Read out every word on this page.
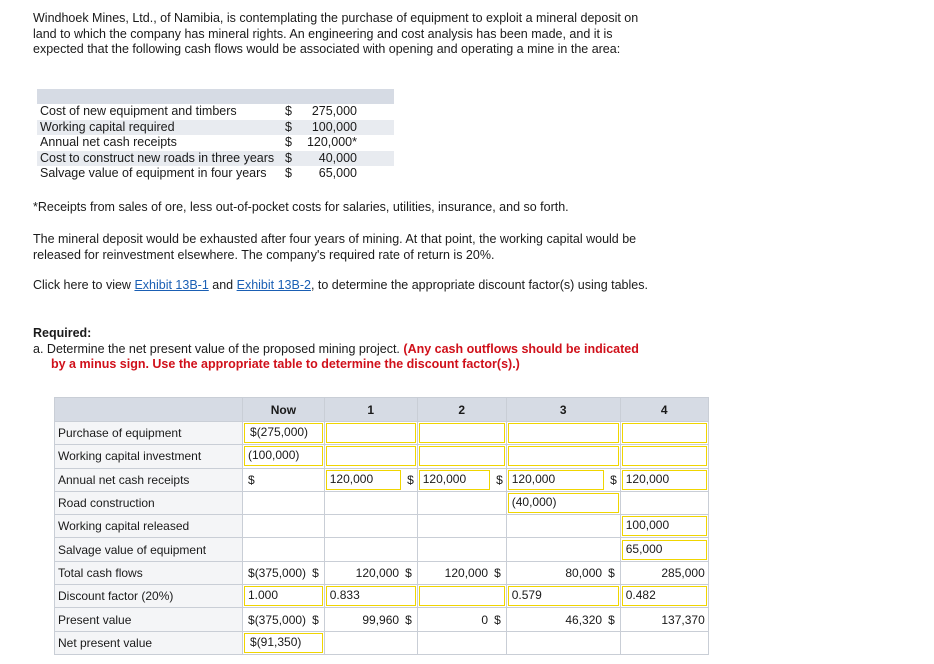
Windhoek Mines, Ltd., of Namibia, is contemplating the purchase of equipment to exploit a mineral deposit on land to which the company has mineral rights. An engineering and cost analysis has been made, and it is expected that the following cash flows would be associated with opening and operating a mine in the area:

Cost of new equipment and timbers	$ 275,000

Working capital required	$ 100,000

Annual net cash receipts	$ 120,000*

Cost to construct new roads in three years	$ 40,000

Salvage value of equipment in four years	$ 65,000

*Receipts from sales of ore, less out-of-pocket costs for salaries, utilities, insurance, and so forth.

The mineral deposit would be exhausted after four years of mining. At that point, the working capital would be released for reinvestment elsewhere. The company's required rate of return is 20%.

Click here to view Exhibit 13B-1 and Exhibit 13B-2, to determine the appropriate discount factor(s) using tables.

Required:
a. Determine the net present value of the proposed mining project. (Any cash outflows should be indicated by a minus sign. Use the appropriate table to determine the discount factor(s).)
	Now	1	2	3	4
Purchase of equipment	$(275,000)				

Working capital investment	(100,000)				

Annual net cash receipts	$	120,000 $	120,000 $	120,000 $	120,000

Road construction				(40,000)	

Working capital released					100,000

Salvage value of equipment					65,000

Total cash flows	$ (375,000) $	120,000 $	120,000 $	80,000 $	285,000

Discount factor (20%)	1.000	0.833		0.579	0.482

Present value	$ (375,000) $	99,960 $	0 $	46,320 $	137,370

Net present value	$(91,350)				
